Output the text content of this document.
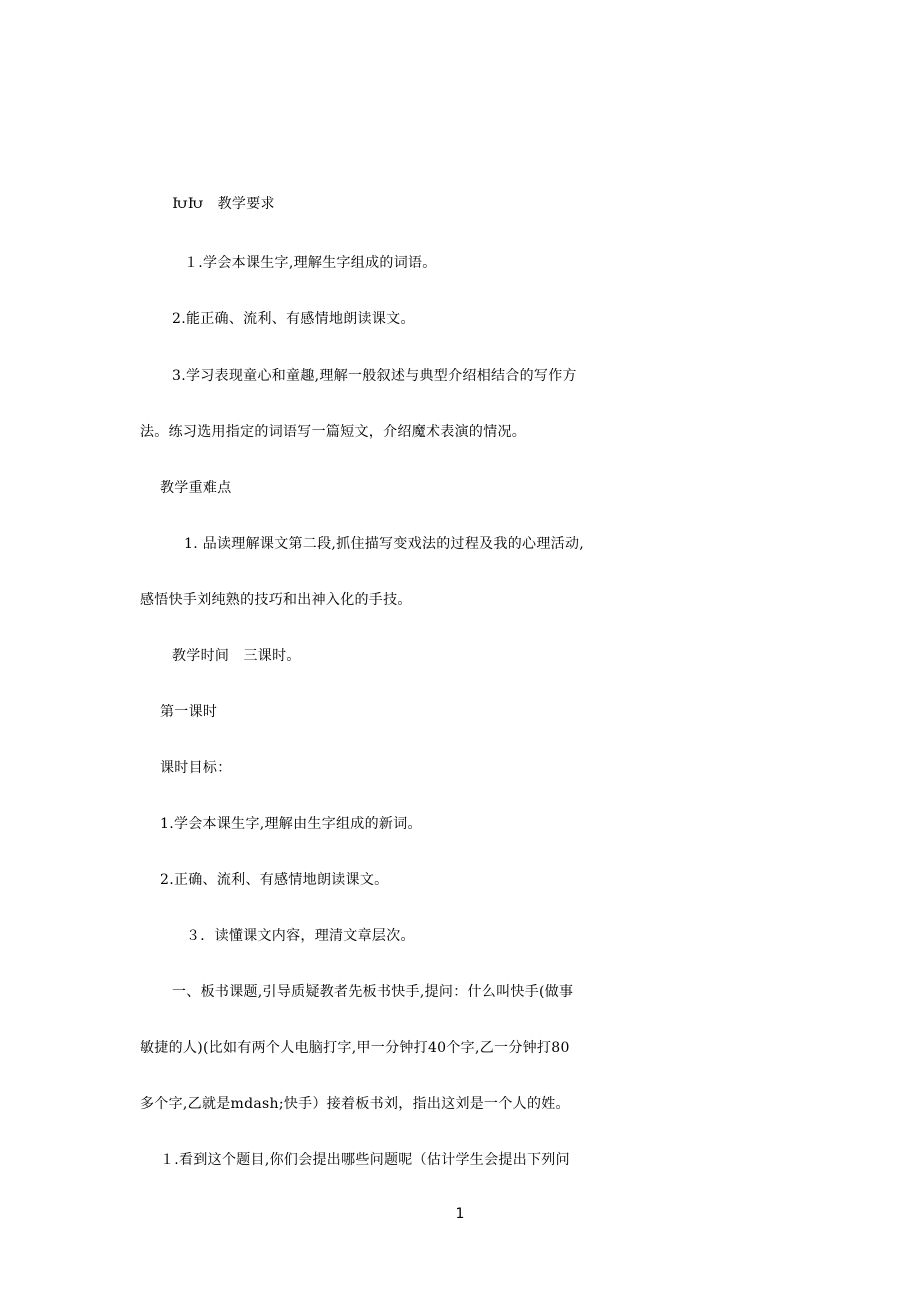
ԽԽ　教学要求
１.学会本课生字,理解生字组成的词语。
2.能正确、流利、有感情地朗读课文。
3.学习表现童心和童趣,理解一般叙述与典型介绍相结合的写作方
法。练习选用指定的词语写一篇短文，介绍魔术表演的情况。
教学重难点
1. 品读理解课文第二段,抓住描写变戏法的过程及我的心理活动,
感悟快手刘纯熟的技巧和出神入化的手技。
教学时间　三课时。
第一课时
课时目标：
1.学会本课生字,理解由生字组成的新词。
2.正确、流利、有感情地朗读课文。
３．读懂课文内容，理清文章层次。
一、板书课题,引导质疑教者先板书快手,提问：什么叫快手(做事
敏捷的人)(比如有两个人电脑打字,甲一分钟打40个字,乙一分钟打80
多个字,乙就是mdash;快手）接着板书刘，指出这刘是一个人的姓。
１.看到这个题目,你们会提出哪些问题呢（估计学生会提出下列问
1
